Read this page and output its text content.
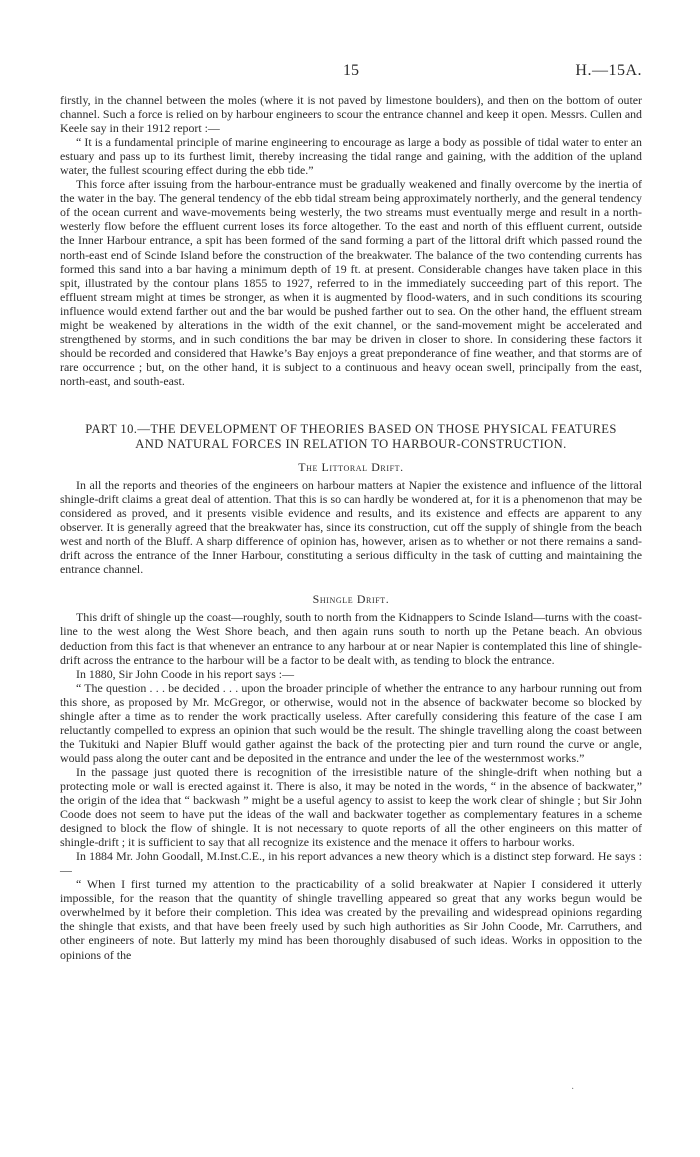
15	H.—15A.

firstly, in the channel between the moles (where it is not paved by limestone boulders), and then on the bottom of outer channel. Such a force is relied on by harbour engineers to scour the entrance channel and keep it open. Messrs. Cullen and Keele say in their 1912 report :—

“ It is a fundamental principle of marine engineering to encourage as large a body as possible of tidal water to enter an estuary and pass up to its furthest limit, thereby increasing the tidal range and gaining, with the addition of the upland water, the fullest scouring effect during the ebb tide.”

This force after issuing from the harbour-entrance must be gradually weakened and finally overcome by the inertia of the water in the bay. The general tendency of the ebb tidal stream being approximately northerly, and the general tendency of the ocean current and wave-movements being westerly, the two streams must eventually merge and result in a north-westerly flow before the effluent current loses its force altogether. To the east and north of this effluent current, outside the Inner Harbour entrance, a spit has been formed of the sand forming a part of the littoral drift which passed round the north-east end of Scinde Island before the construction of the breakwater. The balance of the two contending currents has formed this sand into a bar having a minimum depth of 19 ft. at present. Considerable changes have taken place in this spit, illustrated by the contour plans 1855 to 1927, referred to in the immediately succeeding part of this report. The effluent stream might at times be stronger, as when it is augmented by flood-waters, and in such conditions its scouring influence would extend farther out and the bar would be pushed farther out to sea. On the other hand, the effluent stream might be weakened by alterations in the width of the exit channel, or the sand-movement might be accelerated and strengthened by storms, and in such conditions the bar may be driven in closer to shore. In considering these factors it should be recorded and considered that Hawke’s Bay enjoys a great preponderance of fine weather, and that storms are of rare occurrence ; but, on the other hand, it is subject to a continuous and heavy ocean swell, principally from the east, north-east, and south-east.

PART 10.—THE DEVELOPMENT OF THEORIES BASED ON THOSE PHYSICAL FEATURES
AND NATURAL FORCES IN RELATION TO HARBOUR-CONSTRUCTION.
The Littoral Drift.

In all the reports and theories of the engineers on harbour matters at Napier the existence and influence of the littoral shingle-drift claims a great deal of attention. That this is so can hardly be wondered at, for it is a phenomenon that may be considered as proved, and it presents visible evidence and results, and its existence and effects are apparent to any observer. It is generally agreed that the breakwater has, since its construction, cut off the supply of shingle from the beach west and north of the Bluff. A sharp difference of opinion has, however, arisen as to whether or not there remains a sand-drift across the entrance of the Inner Harbour, constituting a serious difficulty in the task of cutting and maintaining the entrance channel.

Shingle Drift.

This drift of shingle up the coast—roughly, south to north from the Kidnappers to Scinde Island—turns with the coast-line to the west along the West Shore beach, and then again runs south to north up the Petane beach. An obvious deduction from this fact is that whenever an entrance to any harbour at or near Napier is contemplated this line of shingle-drift across the entrance to the harbour will be a factor to be dealt with, as tending to block the entrance.

In 1880, Sir John Coode in his report says :—

“ The question . . . be decided . . . upon the broader principle of whether the entrance to any harbour running out from this shore, as proposed by Mr. McGregor, or otherwise, would not in the absence of backwater become so blocked by shingle after a time as to render the work practically useless. After carefully considering this feature of the case I am reluctantly compelled to express an opinion that such would be the result. The shingle travelling along the coast between the Tukituki and Napier Bluff would gather against the back of the protecting pier and turn round the curve or angle, would pass along the outer cant and be deposited in the entrance and under the lee of the westernmost works.”

In the passage just quoted there is recognition of the irresistible nature of the shingle-drift when nothing but a protecting mole or wall is erected against it. There is also, it may be noted in the words, “ in the absence of backwater,” the origin of the idea that “ backwash ” might be a useful agency to assist to keep the work clear of shingle ; but Sir John Coode does not seem to have put the ideas of the wall and backwater together as complementary features in a scheme designed to block the flow of shingle. It is not necessary to quote reports of all the other engineers on this matter of shingle-drift ; it is sufficient to say that all recognize its existence and the menace it offers to harbour works.

In 1884 Mr. John Goodall, M.Inst.C.E., in his report advances a new theory which is a distinct step forward. He says :—

“ When I first turned my attention to the practicability of a solid breakwater at Napier I considered it utterly impossible, for the reason that the quantity of shingle travelling appeared so great that any works begun would be overwhelmed by it before their completion. This idea was created by the prevailing and widespread opinions regarding the shingle that exists, and that have been freely used by such high authorities as Sir John Coode, Mr. Carruthers, and other engineers of note. But latterly my mind has been thoroughly disabused of such ideas. Works in opposition to the opinions of the

·
